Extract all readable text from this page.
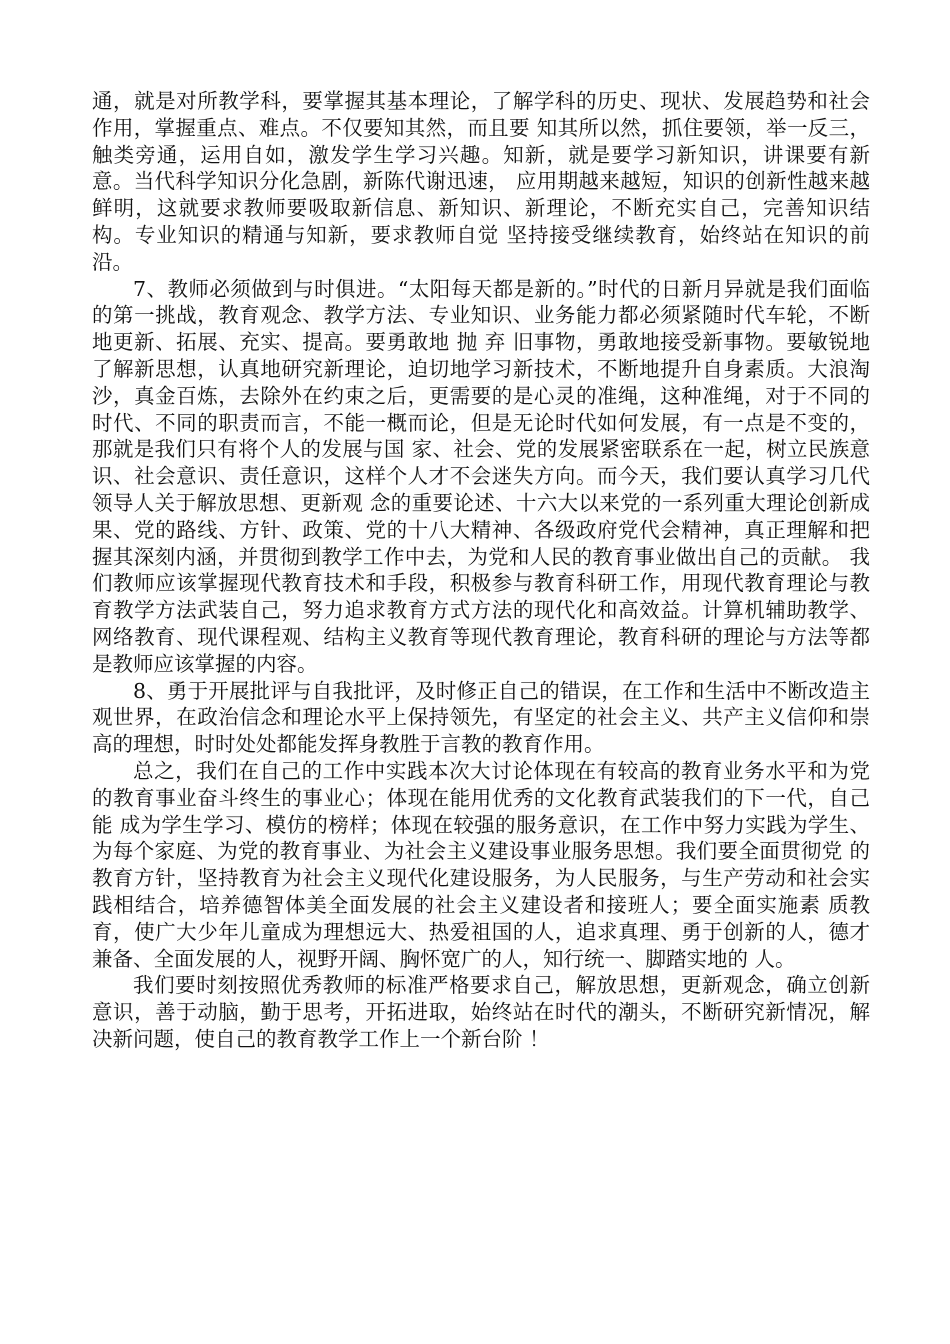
通，就是对所教学科，要掌握其基本理论，了解学科的历史、现状、发展趋势和社会作用，掌握重点、难点。不仅要知其然，而且要 知其所以然，抓住要领，举一反三，触类旁通，运用自如，激发学生学习兴趣。知新，就是要学习新知识，讲课要有新意。当代科学知识分化急剧，新陈代谢迅速， 应用期越来越短，知识的创新性越来越鲜明，这就要求教师要吸取新信息、新知识、新理论，不断充实自己，完善知识结构。专业知识的精通与知新，要求教师自觉 坚持接受继续教育，始终站在知识的前沿。

7、教师必须做到与时俱进。“太阳每天都是新的。”时代的日新月异就是我们面临的第一挑战，教育观念、教学方法、专业知识、业务能力都必须紧随时代车轮，不断地更新、拓展、充实、提高。要勇敢地 抛 弃 旧事物，勇敢地接受新事物。要敏锐地了解新思想，认真地研究新理论，迫切地学习新技术，不断地提升自身素质。大浪淘沙，真金百炼，去除外在约束之后，更需要的是心灵的准绳，这种准绳，对于不同的时代、不同的职责而言，不能一概而论，但是无论时代如何发展，有一点是不变的，那就是我们只有将个人的发展与国 家、社会、党的发展紧密联系在一起，树立民族意识、社会意识、责任意识，这样个人才不会迷失方向。而今天，我们要认真学习几代领导人关于解放思想、更新观 念的重要论述、十六大以来党的一系列重大理论创新成果、党的路线、方针、政策、党的十八大精神、各级政府党代会精神，真正理解和把握其深刻内涵，并贯彻到教学工作中去，为党和人民的教育事业做出自己的贡献。 我们教师应该掌握现代教育技术和手段，积极参与教育科研工作，用现代教育理论与教育教学方法武装自己，努力追求教育方式方法的现代化和高效益。计算机辅助教学、网络教育、现代课程观、结构主义教育等现代教育理论，教育科研的理论与方法等都是教师应该掌握的内容。

8、勇于开展批评与自我批评，及时修正自己的错误，在工作和生活中不断改造主观世界，在政治信念和理论水平上保持领先，有坚定的社会主义、共产主义信仰和崇高的理想，时时处处都能发挥身教胜于言教的教育作用。

总之，我们在自己的工作中实践本次大讨论体现在有较高的教育业务水平和为党的教育事业奋斗终生的事业心；体现在能用优秀的文化教育武装我们的下一代，自己能 成为学生学习、模仿的榜样；体现在较强的服务意识，在工作中努力实践为学生、为每个家庭、为党的教育事业、为社会主义建设事业服务思想。我们要全面贯彻党 的教育方针，坚持教育为社会主义现代化建设服务，为人民服务，与生产劳动和社会实践相结合，培养德智体美全面发展的社会主义建设者和接班人；要全面实施素 质教育，使广大少年儿童成为理想远大、热爱祖国的人，追求真理、勇于创新的人，德才兼备、全面发展的人，视野开阔、胸怀宽广的人，知行统一、脚踏实地的 人。

我们要时刻按照优秀教师的标准严格要求自己，解放思想，更新观念，确立创新意识，善于动脑，勤于思考，开拓进取，始终站在时代的潮头，不断研究新情况，解决新问题，使自己的教育教学工作上一个新台阶 ！
